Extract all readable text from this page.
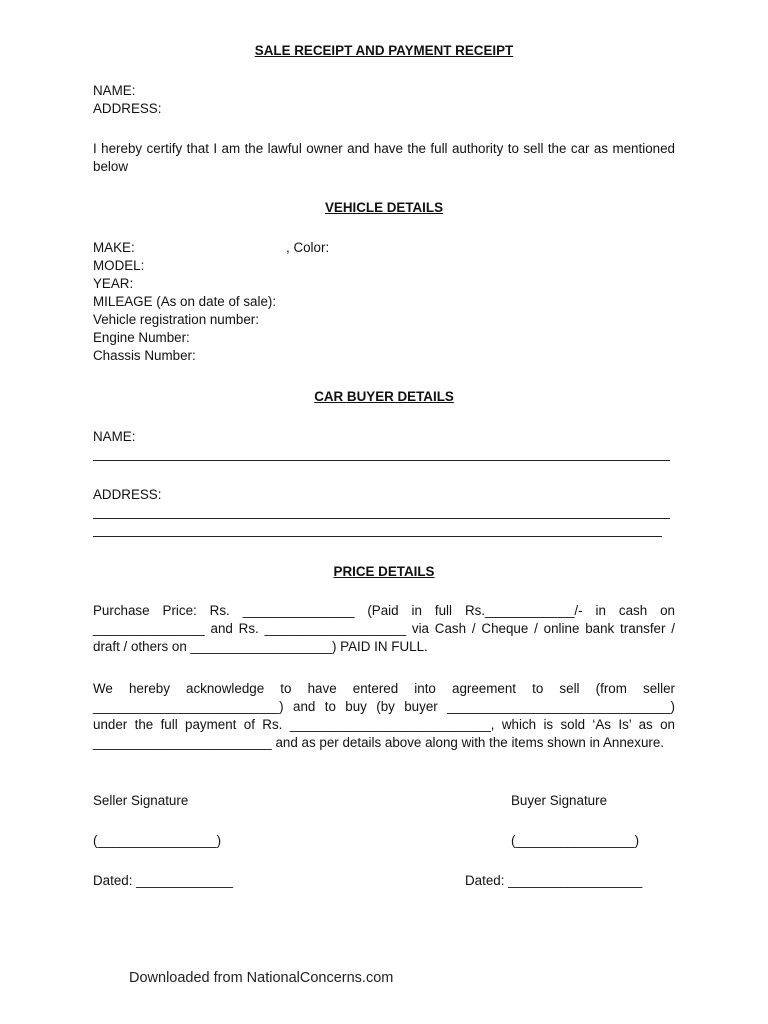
SALE RECEIPT AND PAYMENT RECEIPT
NAME:
ADDRESS:
I hereby certify that I am the lawful owner and have the full authority to sell the car as mentioned below
VEHICLE DETAILS
MAKE:	, Color:
MODEL:
YEAR:
MILEAGE (As on date of sale):
Vehicle registration number:
Engine Number:
Chassis Number:
CAR BUYER DETAILS
NAME:
ADDRESS:
PRICE DETAILS
Purchase Price: Rs. _______________ (Paid in full Rs.____________/- in cash on _______________ and Rs. ___________________ via Cash / Cheque / online bank transfer / draft / others on ___________________) PAID IN FULL.
We hereby acknowledge to have entered into agreement to sell (from seller _________________________) and to buy (by buyer ______________________________) under the full payment of Rs. ___________________________, which is sold ‘As Is’ as on ________________________ and as per details above along with the items shown in Annexure.
Seller Signature	Buyer Signature
(________________)	(________________)
Dated: _____________	Dated: __________________
Downloaded from NationalConcerns.com
